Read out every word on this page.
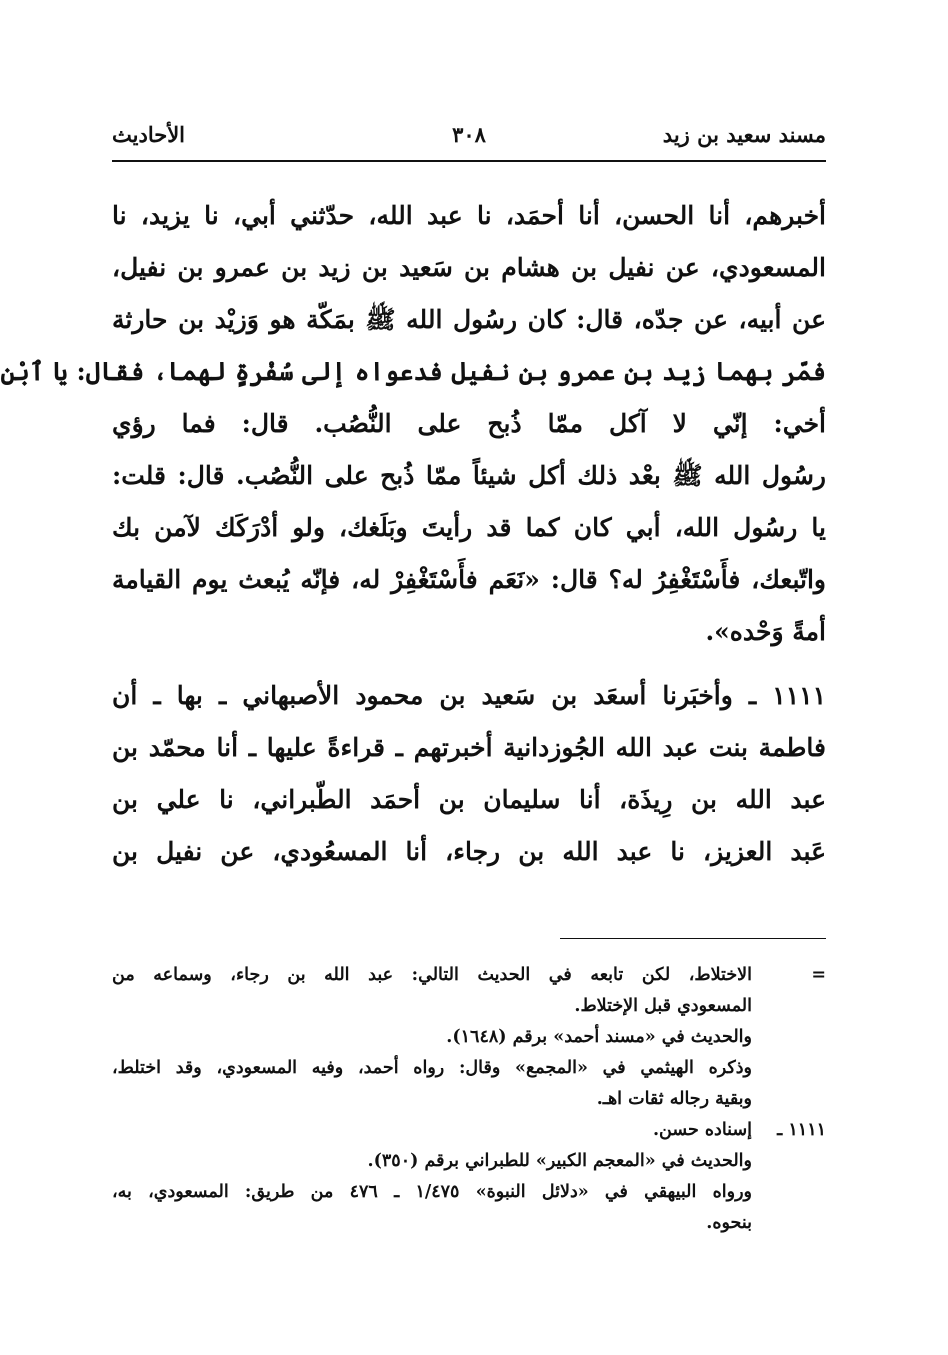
مسند سعيد بن زيد
٣٠٨
الأحاديث
أخبرهم، أنا الحسن، أنا أحمَد، نا عبد الله، حدّثني أبي، نا يزيد، نا
المسعودي، عن نفيل بن هشام بن سَعيد بن زيد بن عمرو بن نفيل،
عن أبيه، عن جدّه، قال: كان رسُول الله ﷺ بمَكّة هو وَزيْد بن حارثة
فمّر بهما زيد بن عمرو بن نفيل فدعواه إلى سُفْرةٍ لهما، فقال: يا ٱبْن
أخي: إنّي لا آكل ممّا ذُبح على النُّصُب. قال: فما رؤي
رسُول الله ﷺ بعْد ذلك أكل شيئاً ممّا ذُبح على النُّصُب. قال: قلت:
يا رسُول الله، أبي كان كما قد رأيتَ وبَلَغك، ولو أدْرَكَك لآمن بك
واتّبعك، فأَسْتَغْفِرُ له؟ قال: «نَعَم فأَسْتَغْفِرْ له، فإنّه يُبعث يوم القيامة
أمةً وَحْده».
١١١١ ـ وأخبَرنا أسعَد بن سَعيد بن محمود الأصبهاني ـ بها ـ أن
فاطمة بنت عبد الله الجُوزدانية أخبرتهم ـ قراءةً عليها ـ أنا محمّد بن
عبد الله بن رِيذَة، أنا سليمان بن أحمَد الطّبراني، نا علي بن
عَبد العزيز، نا عبد الله بن رجاء، أنا المسعُودي، عن نفيل بن
=
الاختلاط، لكن تابعه في الحديث التالي: عبد الله بن رجاء، وسماعه من
المسعودي قبل الإختلاط.
والحديث في «مسند أحمد» برقم (١٦٤٨).
وذكره الهيثمي في «المجمع» وقال: رواه أحمد، وفيه المسعودي، وقد اختلط،
وبقية رجاله ثقات اهـ.
١١١١ ـ
إسناده حسن.
والحديث في «المعجم الكبير» للطبراني برقم (٣٥٠).
ورواه البيهقي في «دلائل النبوة» ١/٤٧٥ ـ ٤٧٦ من طريق: المسعودي، به،
بنحوه.
